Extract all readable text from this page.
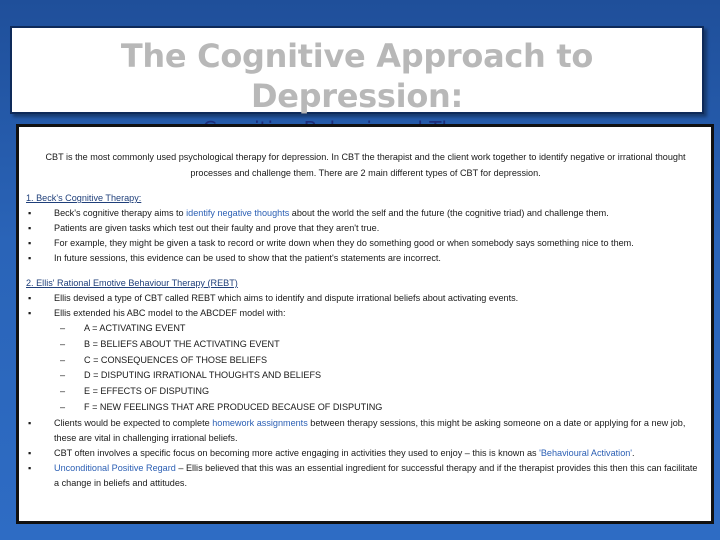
The Cognitive Approach to Depression:

CBT is the most commonly used psychological therapy for depression. In CBT the therapist and the client work together to identify negative or irrational thought processes and challenge them. There are 2 main different types of CBT for depression.

1. Beck's Cognitive Therapy:

▪	Beck's cognitive therapy aims to identify negative thoughts about the world the self and the future (the cognitive triad) and challenge them.
▪	Patients are given tasks which test out their faulty and prove that they aren't true.
▪	For example, they might be given a task to record or write down when they do something good or when somebody says something nice to them.
▪	In future sessions, this evidence can be used to show that the patient's statements are incorrect.

2. Ellis' Rational Emotive Behaviour Therapy (REBT)

▪	Ellis devised a type of CBT called REBT which aims to identify and dispute irrational beliefs about activating events.
▪	Ellis extended his ABC model to the ABCDEF model with:
– A = ACTIVATING EVENT
– B = BELIEFS ABOUT THE ACTIVATING EVENT
– C = CONSEQUENCES OF THOSE BELIEFS
– D = DISPUTING IRRATIONAL THOUGHTS AND BELIEFS
– E = EFFECTS OF DISPUTING
– F = NEW FEELINGS THAT ARE PRODUCED BECAUSE OF DISPUTING
▪	Clients would be expected to complete homework assignments between therapy sessions, this might be asking someone on a date or applying for a new job, these are vital in challenging irrational beliefs.
▪	CBT often involves a specific focus on becoming more active engaging in activities they used to enjoy – this is known as 'Behavioural Activation'.
▪	Unconditional Positive Regard – Ellis believed that this was an essential ingredient for successful therapy and if the therapist provides this then this can facilitate a change in beliefs and attitudes.
